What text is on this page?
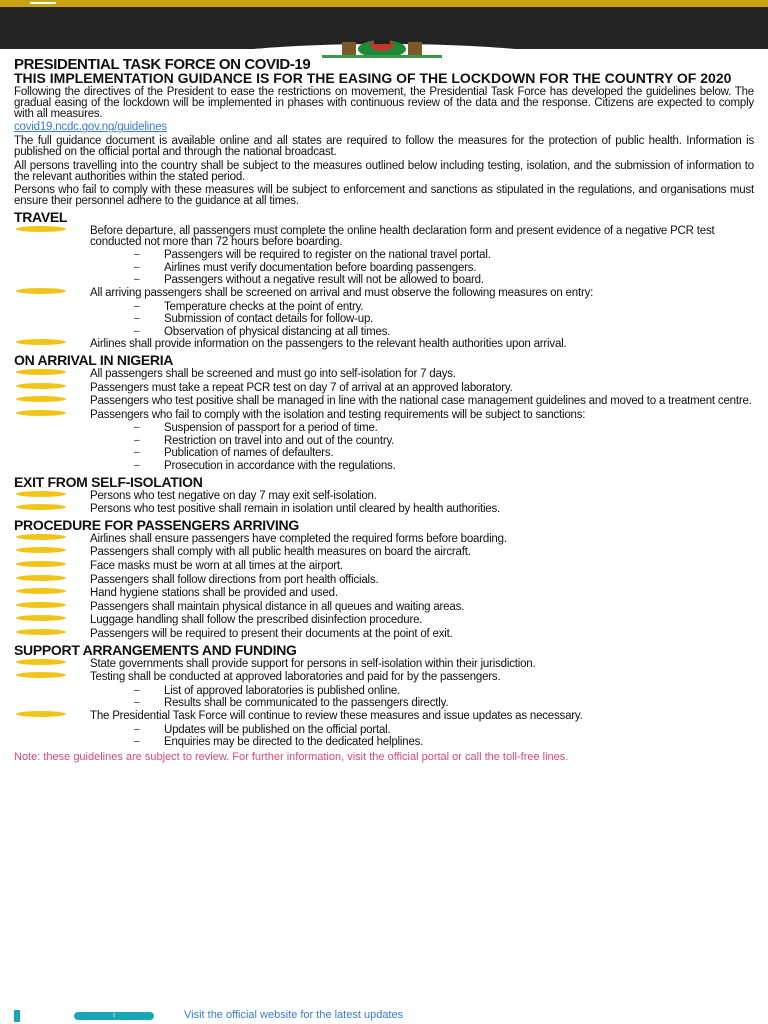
PRESIDENTIAL TASK FORCE ON COVID-19
THIS IMPLEMENTATION GUIDANCE IS FOR THE EASING OF THE LOCKDOWN FOR THE COUNTRY OF 2020

Following the directives of the President to ease the restrictions on movement, the Presidential Task Force has developed the guidelines below. The gradual easing of the lockdown will be implemented in phases with continuous review of the data and the response. Citizens are expected to comply with all measures.

covid19.ncdc.gov.ng/guidelines

The full guidance document is available online and all states are required to follow the measures for the protection of public health. Information is published on the official portal and through the national broadcast.

All persons travelling into the country shall be subject to the measures outlined below including testing, isolation, and the submission of information to the relevant authorities within the stated period.

Persons who fail to comply with these measures will be subject to enforcement and sanctions as stipulated in the regulations, and organisations must ensure their personnel adhere to the guidance at all times.

TRAVEL
Before departure, all passengers must complete the online health declaration form and present evidence of a negative PCR test conducted not more than 72 hours before boarding.
– Passengers will be required to register on the national travel portal.
– Airlines must verify documentation before boarding passengers.
– Passengers without a negative result will not be allowed to board.
All arriving passengers shall be screened on arrival and must observe the following measures on entry:
– Temperature checks at the point of entry.
– Submission of contact details for follow-up.
– Observation of physical distancing at all times.
Airlines shall provide information on the passengers to the relevant health authorities upon arrival.
ON ARRIVAL IN NIGERIA
All passengers shall be screened and must go into self-isolation for 7 days.
Passengers must take a repeat PCR test on day 7 of arrival at an approved laboratory.
Passengers who test positive shall be managed in line with the national case management guidelines and moved to a treatment centre.
Passengers who fail to comply with the isolation and testing requirements will be subject to sanctions:
– Suspension of passport for a period of time.
– Restriction on travel into and out of the country.
– Publication of names of defaulters.
– Prosecution in accordance with the regulations.
EXIT FROM SELF-ISOLATION
Persons who test negative on day 7 may exit self-isolation.
Persons who test positive shall remain in isolation until cleared by health authorities.
PROCEDURE FOR PASSENGERS ARRIVING
Airlines shall ensure passengers have completed the required forms before boarding.
Passengers shall comply with all public health measures on board the aircraft.
Face masks must be worn at all times at the airport.
Passengers shall follow directions from port health officials.
Hand hygiene stations shall be provided and used.
Passengers shall maintain physical distance in all queues and waiting areas.
Luggage handling shall follow the prescribed disinfection procedure.
Passengers will be required to present their documents at the point of exit.
SUPPORT ARRANGEMENTS AND FUNDING
State governments shall provide support for persons in self-isolation within their jurisdiction.
Testing shall be conducted at approved laboratories and paid for by the passengers.
– List of approved laboratories is published online.
– Results shall be communicated to the passengers directly.
The Presidential Task Force will continue to review these measures and issue updates as necessary.
– Updates will be published on the official portal.
– Enquiries may be directed to the dedicated helplines.
Note: these guidelines are subject to review. For further information, visit the official portal or call the toll-free lines.
i	Visit the official website for the latest updates
